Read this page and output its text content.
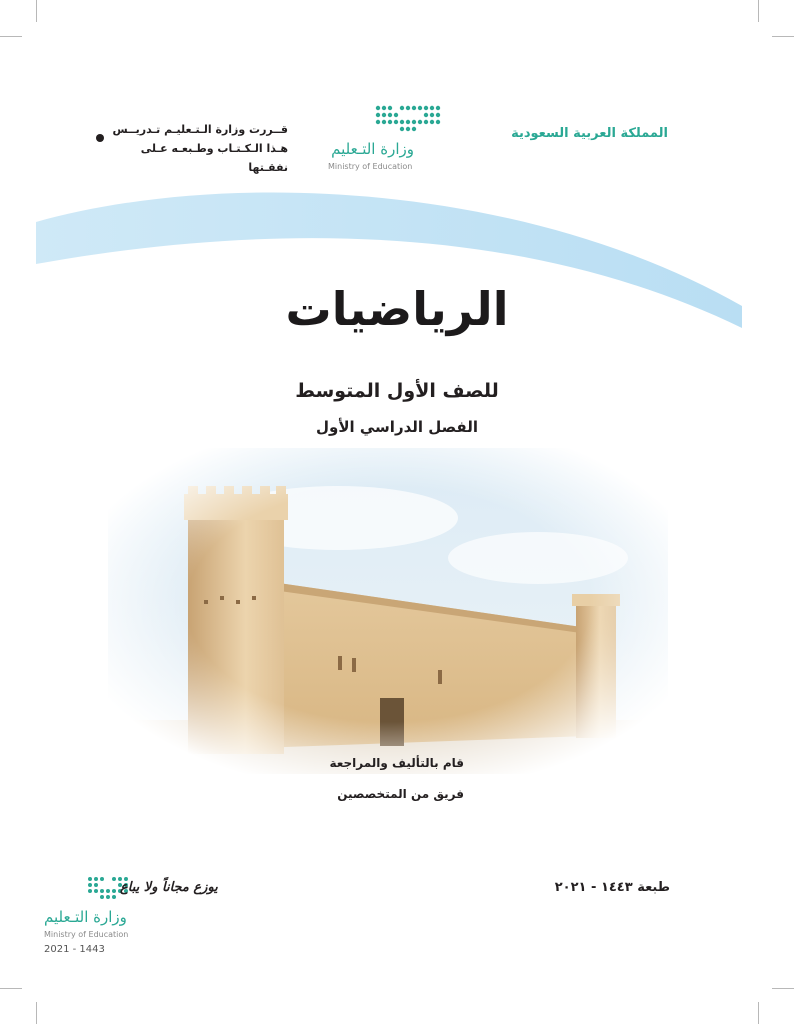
المملكة العربية السعودية
وزارة التـعليم
Ministry of Education
قــررت وزارة الـتـعليـم تـدريــس
هـذا الـكـتـاب وطـبعـه عـلى نفقـتها
الرياضيات
للصف الأول المتوسط
الفصل الدراسي الأول
قام بالتأليف والمراجعة
فريق من المتخصصين
طبعة ١٤٤٣ - ٢٠٢١
يوزع مجاناً ولا يباع
وزارة التـعليم
Ministry of Education
2021 - 1443
